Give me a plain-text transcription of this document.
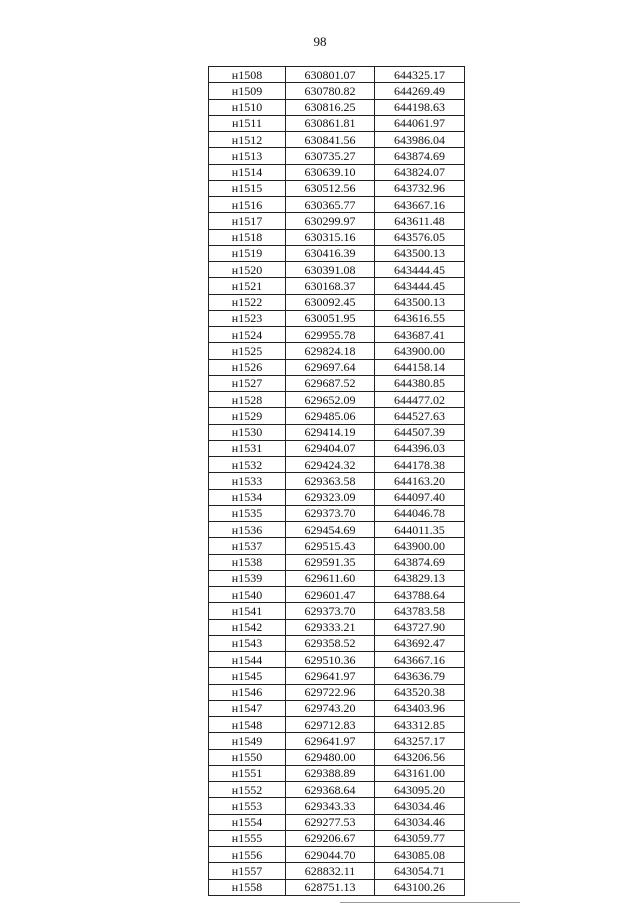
98
н1508	630801.07	644325.17
н1509	630780.82	644269.49
н1510	630816.25	644198.63
н1511	630861.81	644061.97
н1512	630841.56	643986.04
н1513	630735.27	643874.69
н1514	630639.10	643824.07
н1515	630512.56	643732.96
н1516	630365.77	643667.16
н1517	630299.97	643611.48
н1518	630315.16	643576.05
н1519	630416.39	643500.13
н1520	630391.08	643444.45
н1521	630168.37	643444.45
н1522	630092.45	643500.13
н1523	630051.95	643616.55
н1524	629955.78	643687.41
н1525	629824.18	643900.00
н1526	629697.64	644158.14
н1527	629687.52	644380.85
н1528	629652.09	644477.02
н1529	629485.06	644527.63
н1530	629414.19	644507.39
н1531	629404.07	644396.03
н1532	629424.32	644178.38
н1533	629363.58	644163.20
н1534	629323.09	644097.40
н1535	629373.70	644046.78
н1536	629454.69	644011.35
н1537	629515.43	643900.00
н1538	629591.35	643874.69
н1539	629611.60	643829.13
н1540	629601.47	643788.64
н1541	629373.70	643783.58
н1542	629333.21	643727.90
н1543	629358.52	643692.47
н1544	629510.36	643667.16
н1545	629641.97	643636.79
н1546	629722.96	643520.38
н1547	629743.20	643403.96
н1548	629712.83	643312.85
н1549	629641.97	643257.17
н1550	629480.00	643206.56
н1551	629388.89	643161.00
н1552	629368.64	643095.20
н1553	629343.33	643034.46
н1554	629277.53	643034.46
н1555	629206.67	643059.77
н1556	629044.70	643085.08
н1557	628832.11	643054.71
н1558	628751.13	643100.26
